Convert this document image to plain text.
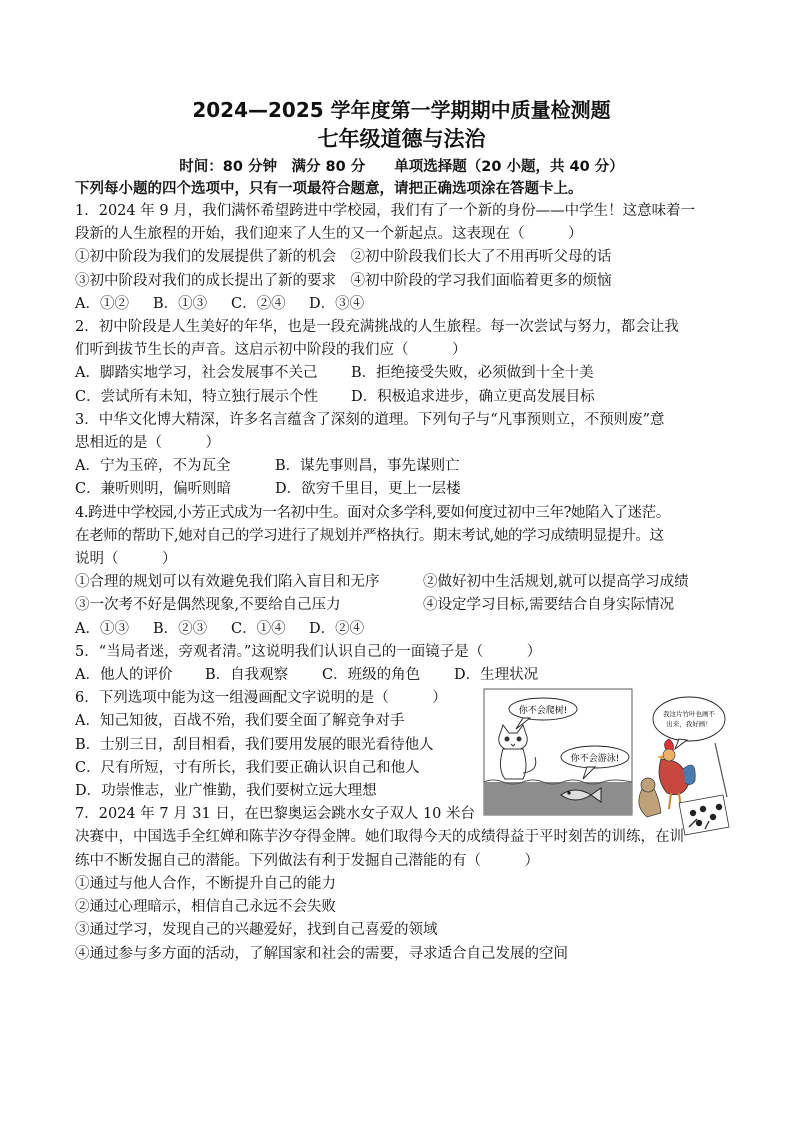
2024—2025 学年度第一学期期中质量检测题
七年级道德与法治
时间：80 分钟　满分 80 分　　单项选择题（20 小题，共 40 分）
下列每小题的四个选项中，只有一项最符合题意，请把正确选项涂在答题卡上。
1．2024 年 9 月，我们满怀希望跨进中学校园，我们有了一个新的身份——中学生！这意味着一
段新的人生旅程的开始，我们迎来了人生的又一个新起点。这表现在（　　　）
①初中阶段为我们的发展提供了新的机会　②初中阶段我们长大了不用再听父母的话
③初中阶段对我们的成长提出了新的要求　④初中阶段的学习我们面临着更多的烦恼
A．①②	B．①③	C．②④	D．③④
2．初中阶段是人生美好的年华，也是一段充满挑战的人生旅程。每一次尝试与努力，都会让我
们听到拔节生长的声音。这启示初中阶段的我们应（　　　）
A．脚踏实地学习，社会发展事不关己	B．拒绝接受失败，必须做到十全十美
C．尝试所有未知，特立独行展示个性	D．积极追求进步，确立更高发展目标
3．中华文化博大精深，许多名言蕴含了深刻的道理。下列句子与“凡事预则立，不预则废”意
思相近的是（　　　）
A．宁为玉碎，不为瓦全	B．谋先事则昌，事先谋则亡
C．兼听则明，偏听则暗	D．欲穷千里目，更上一层楼
4.跨进中学校园,小芳正式成为一名初中生。面对众多学科,要如何度过初中三年?她陷入了迷茫。
在老师的帮助下,她对自己的学习进行了规划并严格执行。期末考试,她的学习成绩明显提升。这
说明（　　　）
①合理的规划可以有效避免我们陷入盲目和无序	②做好初中生活规划,就可以提高学习成绩
③一次考不好是偶然现象,不要给自己压力	④设定学习目标,需要结合自身实际情况
A．①③	B．②③	C．①④	D．②④
5．“当局者迷，旁观者清。”这说明我们认识自己的一面镜子是（　　　）
A．他人的评价	B．自我观察	C．班级的角色	D．生理状况
6．下列选项中能为这一组漫画配文字说明的是（　　　）
A．知己知彼，百战不殆，我们要全面了解竞争对手
B．士别三日，刮目相看，我们要用发展的眼光看待他人
C．尺有所短，寸有所长，我们要正确认识自己和他人
D．功崇惟志，业广惟勤，我们要树立远大理想
7．2024 年 7 月 31 日，在巴黎奥运会跳水女子双人 10 米台
你不会爬树!
你不会游泳!
我这片竹叶也画不
出来，我好画！
决赛中，中国选手全红婵和陈芋汐夺得金牌。她们取得今天的成绩得益于平时刻苦的训练，在训
练中不断发掘自己的潜能。下列做法有利于发掘自己潜能的有（　　　）
①通过与他人合作，不断提升自己的能力
②通过心理暗示，相信自己永远不会失败
③通过学习，发现自己的兴趣爱好，找到自己喜爱的领域
④通过参与多方面的活动，了解国家和社会的需要，寻求适合自己发展的空间
